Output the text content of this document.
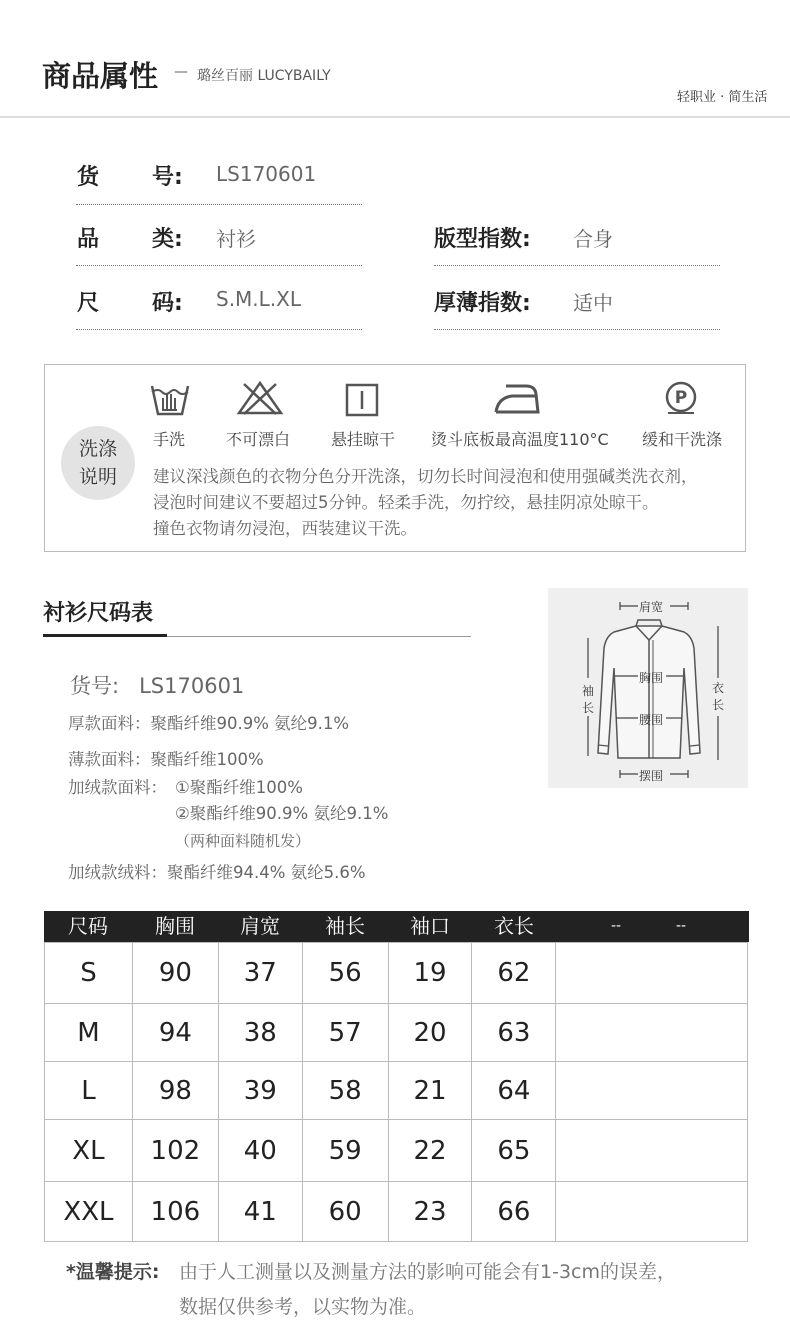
商品属性 — 璐丝百丽 LUCYBAILY
轻职业 · 简生活
货 号: LS170601
品 类: 衬衫	版型指数: 合身
尺 码: S.M.L.XL	厚薄指数: 适中
洗涤
说明
手洗	不可漂白	悬挂晾干 烫斗底板最高温度110°C
P
缓和干洗涤
建议深浅颜色的衣物分色分开洗涤，切勿长时间浸泡和使用强碱类洗衣剂，
浸泡时间建议不要超过5分钟。轻柔手洗，勿拧绞，悬挂阴凉处晾干。
撞色衣物请勿浸泡，西装建议干洗。
衬衫尺码表
货号:   LS170601
厚款面料：聚酯纤维90.9% 氨纶9.1%
薄款面料：聚酯纤维100%
加绒款面料： ①聚酯纤维100%
②聚酯纤维90.9% 氨纶9.1%
（两种面料随机发）
加绒款绒料：聚酯纤维94.4% 氨纶5.6%
肩宽
胸围
腰围
摆围
袖
长
衣
长
尺码	胸围	肩宽	袖长	袖口	衣长	--	--
S	90	37	56	19	62	
M	94	38	57	20	63	
L	98	39	58	21	64	
XL	102	40	59	22	65	
XXL	106	41	60	23	66	
*温馨提示: 由于人工测量以及测量方法的影响可能会有1-3cm的误差，
数据仅供参考，以实物为准。
